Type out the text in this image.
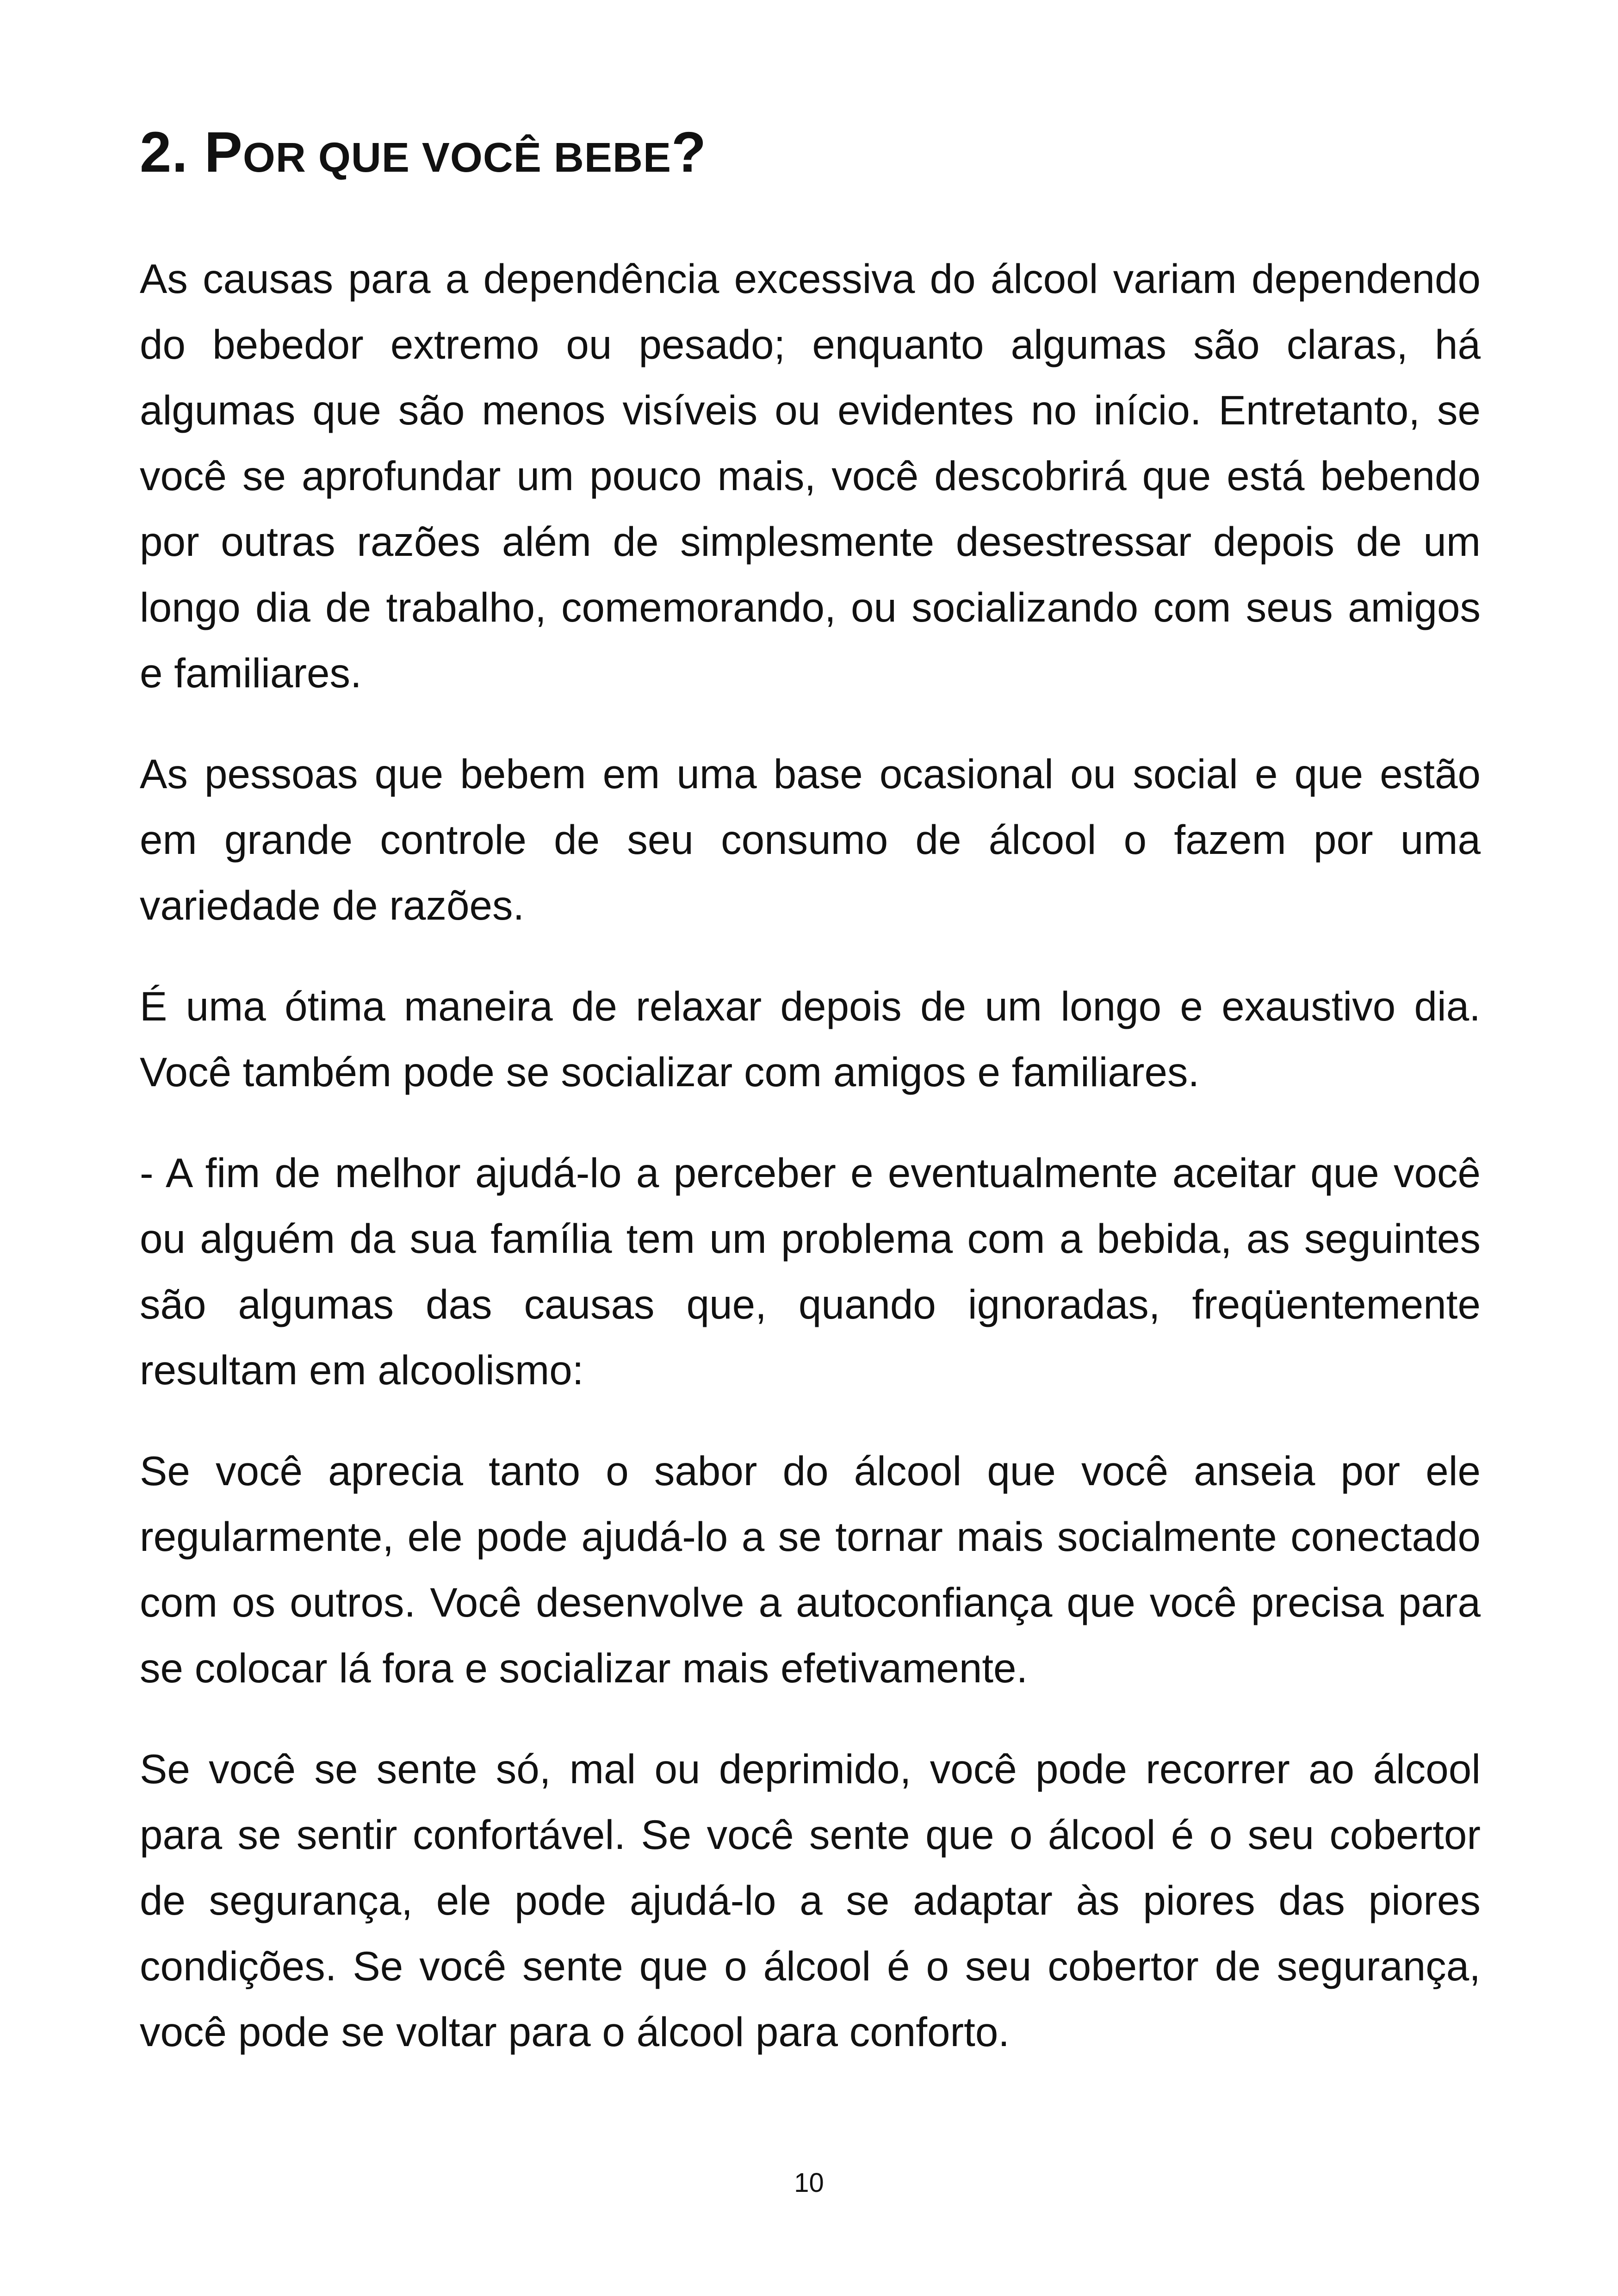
2. POR QUE VOCÊ BEBE?

As causas para a dependência excessiva do álcool variam dependendo do bebedor extremo ou pesado; enquanto algumas são claras, há algumas que são menos visíveis ou evidentes no início. Entretanto, se você se aprofundar um pouco mais, você descobrirá que está bebendo por outras razões além de simplesmente desestressar depois de um longo dia de trabalho, comemorando, ou socializando com seus amigos e familiares.

As pessoas que bebem em uma base ocasional ou social e que estão em grande controle de seu consumo de álcool o fazem por uma variedade de razões.

É uma ótima maneira de relaxar depois de um longo e exaustivo dia. Você também pode se socializar com amigos e familiares.

- A fim de melhor ajudá-lo a perceber e eventualmente aceitar que você ou alguém da sua família tem um problema com a bebida, as seguintes são algumas das causas que, quando ignoradas, freqüentemente resultam em alcoolismo:

Se você aprecia tanto o sabor do álcool que você anseia por ele regularmente, ele pode ajudá-lo a se tornar mais socialmente conectado com os outros. Você desenvolve a autoconfiança que você precisa para se colocar lá fora e socializar mais efetivamente.

Se você se sente só, mal ou deprimido, você pode recorrer ao álcool para se sentir confortável. Se você sente que o álcool é o seu cobertor de segurança, ele pode ajudá-lo a se adaptar às piores das piores condições. Se você sente que o álcool é o seu cobertor de segurança, você pode se voltar para o álcool para conforto.

10
